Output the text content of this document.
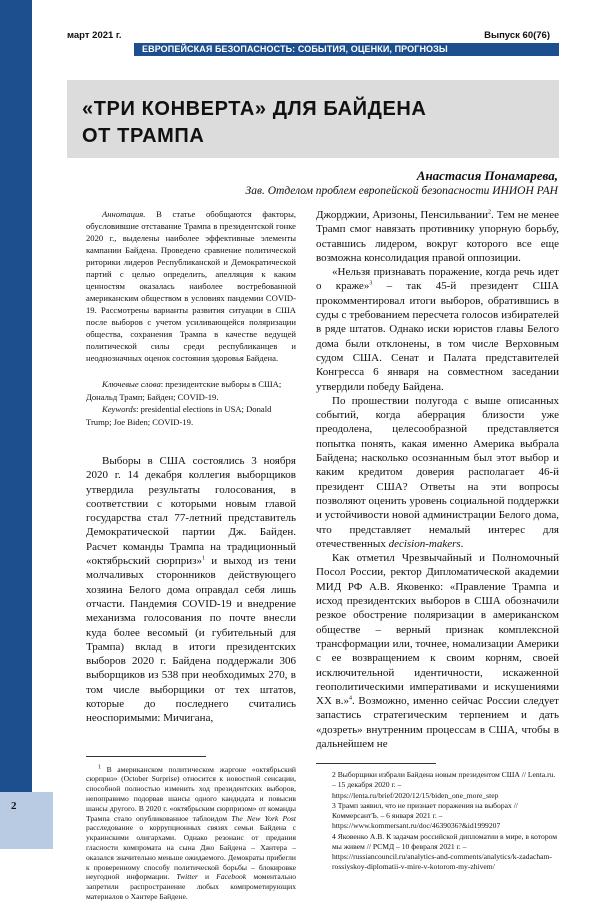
2
март 2021 г.	Выпуск 60(76)
ЕВРОПЕЙСКАЯ БЕЗОПАСНОСТЬ: СОБЫТИЯ, ОЦЕНКИ, ПРОГНОЗЫ
«ТРИ КОНВЕРТА» ДЛЯ БАЙДЕНА
ОТ ТРАМПА
Анастасия Понамарева,
Зав. Отделом проблем европейской безопасности ИНИОН РАН

Аннотация. В статье обобщаются факторы, обусловившие отставание Трампа в президентской гонке 2020 г., выделены наиболее эффективные элементы кампании Байдена. Проведено сравнение политической риторики лидеров Республиканской и Демократической партий с целью определить, апелляция к каким ценностям оказалась наиболее востребованной американским обществом в условиях пандемии COVID-19. Рассмотрены варианты развития ситуации в США после выборов с учетом усиливающейся поляризации общества, сохранения Трампа в качестве ведущей политической силы среди республиканцев и неоднозначных оценок состояния здоровья Байдена.

Ключевые слова: президентские выборы в США; Дональд Трамп; Байден; COVID-19.

Keywords: presidential elections in USA; Donald Trump; Joe Biden; COVID-19.

Выборы в США состоялись 3 ноября 2020 г. 14 декабря коллегия выборщиков утвердила результаты голосования, в соответствии с которыми новым главой государства стал 77-летний представитель Демократической партии Дж. Байден. Расчет команды Трампа на традиционный «октябрьский сюрприз»$^1$ и выход из тени молчаливых сторонников действующего хозяина Белого дома оправдал себя лишь отчасти. Пандемия COVID-19 и внедрение механизма голосования по почте внесли куда более весомый (и губительный для Трампа) вклад в итоги президентских выборов 2020 г. Байдена поддержали 306 выборщиков из 538 при необходимых 270, в том числе выборщики от тех штатов, которые до последнего считались неоспоримыми: Мичигана,

$^1$ В американском политическом жаргоне «октябрьский сюрприз» (October Surprise) относится к новостной сенсации, способной полностью изменить ход президентских выборов, непоправимо подорвав шансы одного кандидата и повысив шансы другого. В 2020 г. «октябрьским сюрпризом» от команды Трампа стало опубликованное таблоидом The New York Post расследование о коррупционных связях семьи Байдена с украинскими олигархами. Однако резонанс от предания гласности компромата на сына Джо Байдена – Хантера – оказался значительно меньше ожидаемого. Демократы прибегли к проверенному способу политической борьбы – блокировке неугодной информации. Twitter и Facebook моментально запретили распространение любых компрометирующих материалов о Хантере Байдене.

Джорджии, Аризоны, Пенсильвании$^2$. Тем не менее Трамп смог навязать противнику упорную борьбу, оставшись лидером, вокруг которого все еще возможна консолидация правой оппозиции.

«Нельзя признавать поражение, когда речь идет о краже»$^3$ – так 45-й президент США прокомментировал итоги выборов, обратившись в суды с требованием пересчета голосов избирателей в ряде штатов. Однако иски юристов главы Белого дома были отклонены, в том числе Верховным судом США. Сенат и Палата представителей Конгресса 6 января на совместном заседании утвердили победу Байдена.

По прошествии полугода с выше описанных событий, когда аберрация близости уже преодолена, целесообразной представляется попытка понять, какая именно Америка выбрала Байдена; насколько осознанным был этот выбор и каким кредитом доверия располагает 46-й президент США? Ответы на эти вопросы позволяют оценить уровень социальной поддержки и устойчивости новой администрации Белого дома, что представляет немалый интерес для отечественных decision-makers.

Как отметил Чрезвычайный и Полномочный Посол России, ректор Дипломатической академии МИД РФ А.В. Яковенко: «Правление Трампа и исход президентских выборов в США обозначили резкое обострение поляризации в американском обществе – верный признак комплексной трансформации или, точнее, номализации Америки с ее возвращением к своим корням, своей исключительной идентичности, искаженной геополитическими императивами и искушениями XX в.»$^4$. Возможно, именно сейчас России следует запастись стратегическим терпением и дать «дозреть» внутренним процессам в США, чтобы в дальнейшем не

2 Выборщики избрали Байдена новым президентом США // Lenta.ru. – 15 декабря 2020 г. – https://lenta.ru/brief/2020/12/15/biden_one_more_step

3 Трамп заявил, что не признает поражения на выборах // КоммерсантЪ. – 6 января 2021 г. – https://www.kommersant.ru/doc/4639036?&id1999207

4 Яковенко А.В. К задачам российской дипломатии в мире, в котором мы живем // РСМД – 10 февраля 2021 г. – https://russiancouncil.ru/analytics-and-comments/analytics/k-zadacham-rossiyskoy-diplomatii-v-mire-v-kotorom-my-zhivem/
